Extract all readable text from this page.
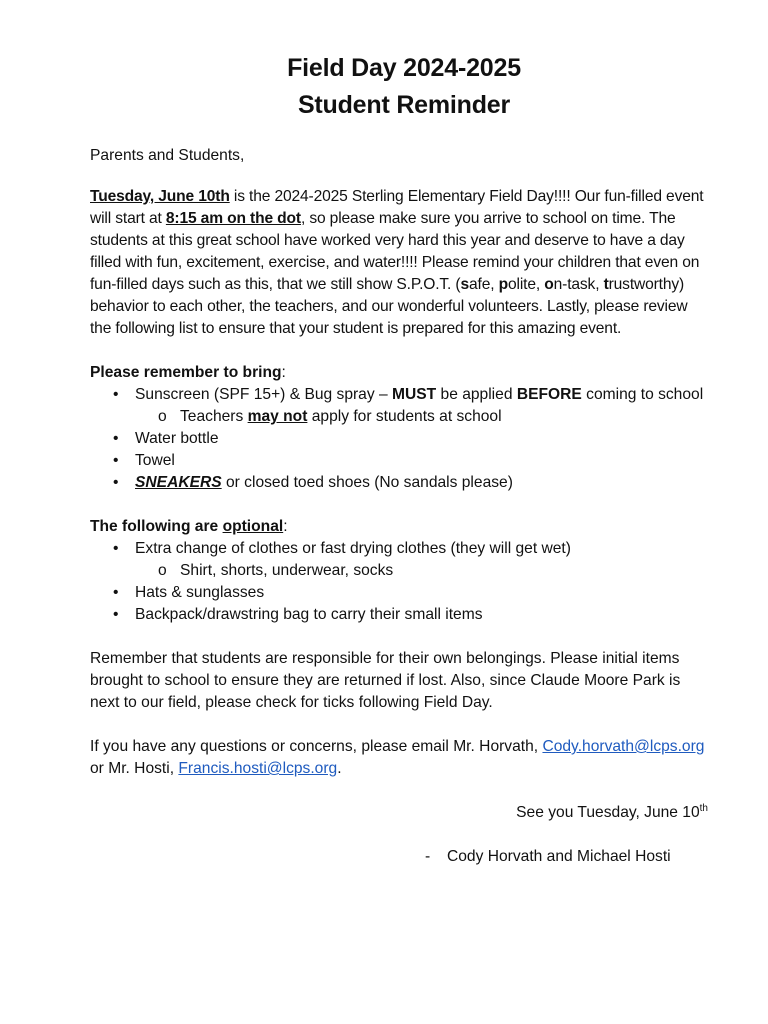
Field Day 2024-2025
Student Reminder

Parents and Students,

Tuesday, June 10th is the 2024-2025 Sterling Elementary Field Day!!!! Our fun-filled event will start at 8:15 am on the dot, so please make sure you arrive to school on time. The students at this great school have worked very hard this year and deserve to have a day filled with fun, excitement, exercise, and water!!!! Please remind your children that even on fun-filled days such as this, that we still show S.P.O.T. (safe, polite, on-task, trustworthy) behavior to each other, the teachers, and our wonderful volunteers. Lastly, please review the following list to ensure that your student is prepared for this amazing event.

Please remember to bring:

• Sunscreen (SPF 15+) & Bug spray – MUST be applied BEFORE coming to school
o Teachers may not apply for students at school
• Water bottle
• Towel
• SNEAKERS or closed toed shoes (No sandals please)

The following are optional:

• Extra change of clothes or fast drying clothes (they will get wet)
o Shirt, shorts, underwear, socks
• Hats & sunglasses
• Backpack/drawstring bag to carry their small items

Remember that students are responsible for their own belongings. Please initial items brought to school to ensure they are returned if lost. Also, since Claude Moore Park is next to our field, please check for ticks following Field Day.

If you have any questions or concerns, please email Mr. Horvath, Cody.horvath@lcps.org or Mr. Hosti, Francis.hosti@lcps.org.

See you Tuesday, June 10th

- Cody Horvath and Michael Hosti
